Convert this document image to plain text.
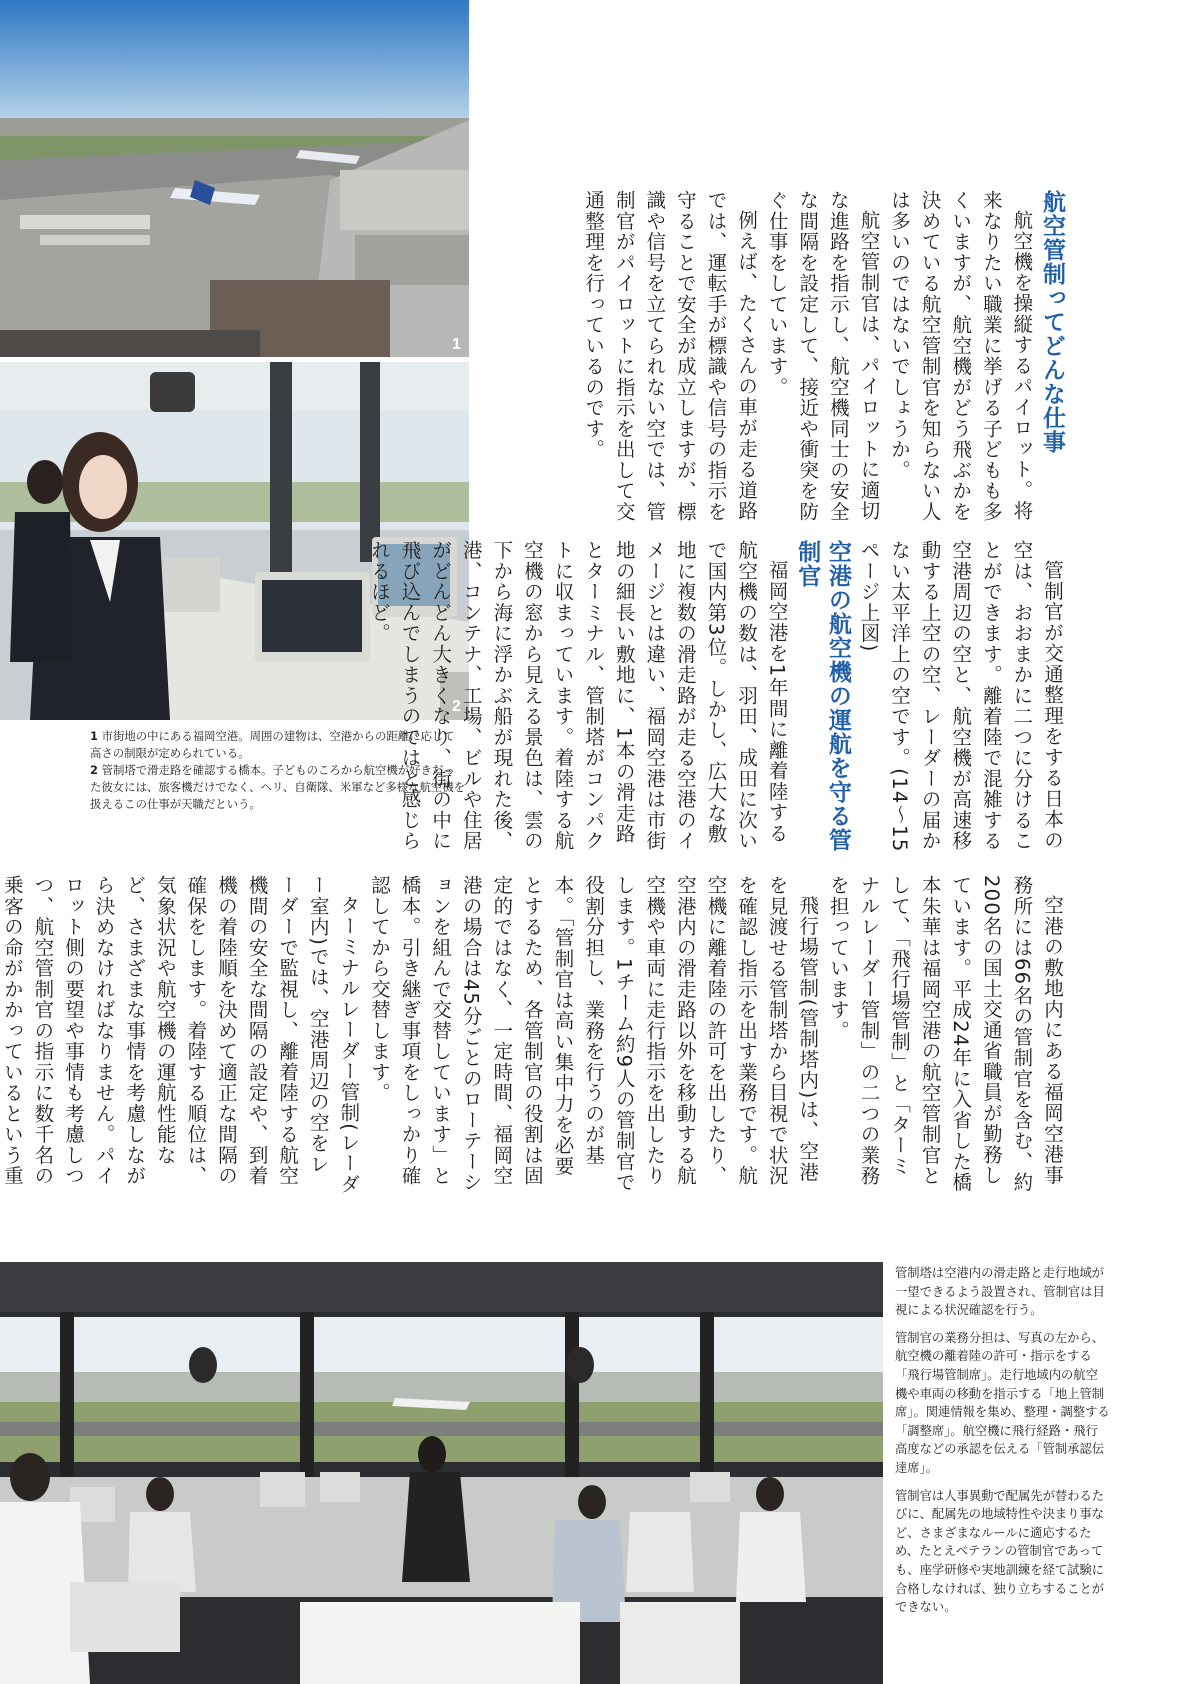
1
2

1 市街地の中にある福岡空港。周囲の建物は、空港からの距離に応じて高さの制限が定められている。

2 管制塔で滑走路を確認する橋本。子どものころから航空機が好きだった彼女には、旅客機だけでなく、ヘリ、自衛隊、米軍など多様な航空機を扱えるこの仕事が天職だという。

航空管制ってどんな仕事

航空機を操縦するパイロット。将来なりたい職業に挙げる子どもも多くいますが、航空機がどう飛ぶかを決めている航空管制官を知らない人は多いのではないでしょうか。

航空管制官は、パイロットに適切な進路を指示し、航空機同士の安全な間隔を設定して、接近や衝突を防ぐ仕事をしています。

例えば、たくさんの車が走る道路では、運転手が標識や信号の指示を守ることで安全が成立しますが、標識や信号を立てられない空では、管制官がパイロットに指示を出して交通整理を行っているのです。

管制官が交通整理をする日本の空は、おおまかに二つに分けることができます。離着陸で混雑する空港周辺の空と、航空機が高速移動する上空の空、レーダーの届かない太平洋上の空です。(14〜15ページ上図)

空港の航空機の運航を守る管制官

福岡空港を1年間に離着陸する航空機の数は、羽田、成田に次いで国内第3位。しかし、広大な敷地に複数の滑走路が走る空港のイメージとは違い、福岡空港は市街地の細長い敷地に、1本の滑走路とターミナル、管制塔がコンパクトに収まっています。着陸する航空機の窓から見える景色は、雲の下から海に浮かぶ船が現れた後、港、コンテナ、工場、ビルや住居がどんどん大きくなり、街の中に飛び込んでしまうのではと感じられるほど。

空港の敷地内にある福岡空港事務所には66名の管制官を含む、約200名の国土交通省職員が勤務しています。平成24年に入省した橋本朱華は福岡空港の航空管制官として、「飛行場管制」と「ターミナルレーダー管制」の二つの業務を担っています。

飛行場管制(管制塔内)は、空港を見渡せる管制塔から目視で状況を確認し指示を出す業務です。航空機に離着陸の許可を出したり、空港内の滑走路以外を移動する航空機や車両に走行指示を出したりします。1チーム約9人の管制官で役割分担し、業務を行うのが基本。「管制官は高い集中力を必要とするため、各管制官の役割は固定的ではなく、一定時間、福岡空港の場合は45分ごとのローテーションを組んで交替しています」と橋本。引き継ぎ事項をしっかり確認してから交替します。

ターミナルレーダー管制(レーダー室内)では、空港周辺の空をレーダーで監視し、離着陸する航空機間の安全な間隔の設定や、到着機の着陸順を決めて適正な間隔の確保をします。着陸する順位は、気象状況や航空機の運航性能など、さまざまな事情を考慮しながら決めなければなりません。パイロット側の要望や事情も考慮しつつ、航空管制官の指示に数千名の乗客の命がかかっているという重

管制塔は空港内の滑走路と走行地域が一望できるよう設置され、管制官は目視による状況確認を行う。

管制官の業務分担は、写真の左から、航空機の離着陸の許可・指示をする「飛行場管制席」。走行地域内の航空機や車両の移動を指示する「地上管制席」。関連情報を集め、整理・調整する「調整席」。航空機に飛行経路・飛行高度などの承認を伝える「管制承認伝達席」。

管制官は人事異動で配属先が替わるたびに、配属先の地域特性や決まり事など、さまざまなルールに適応するため、たとえベテランの管制官であっても、座学研修や実地訓練を経て試験に合格しなければ、独り立ちすることができない。
